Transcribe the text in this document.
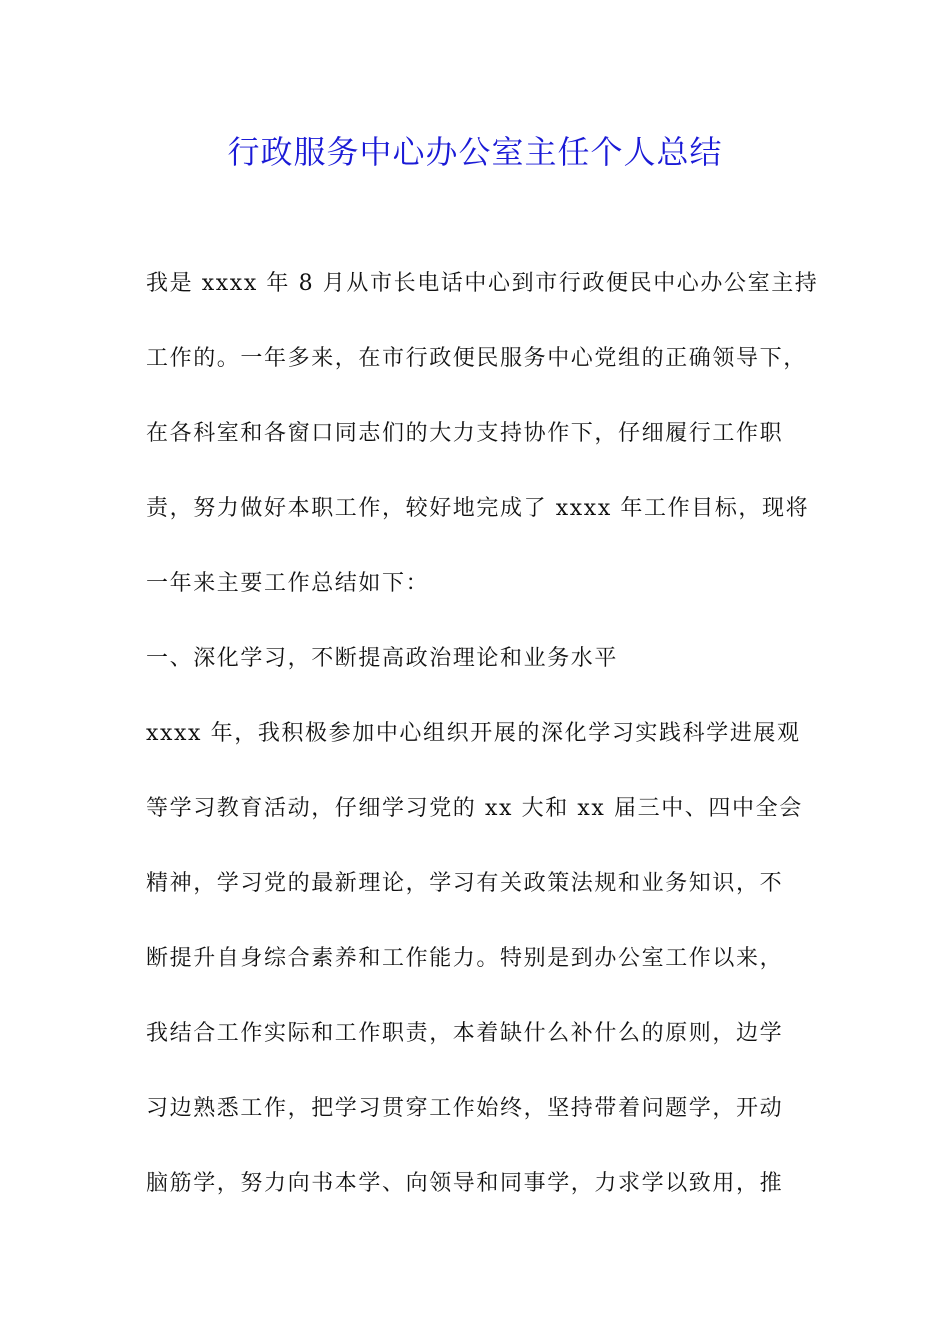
行政服务中心办公室主任个人总结
我是 xxxx 年 8 月从市长电话中心到市行政便民中心办公室主持
工作的。一年多来，在市行政便民服务中心党组的正确领导下，
在各科室和各窗口同志们的大力支持协作下，仔细履行工作职
责，努力做好本职工作，较好地完成了 xxxx 年工作目标，现将
一年来主要工作总结如下：
一、深化学习，不断提高政治理论和业务水平
xxxx 年，我积极参加中心组织开展的深化学习实践科学进展观
等学习教育活动，仔细学习党的 xx 大和 xx 届三中、四中全会
精神，学习党的最新理论，学习有关政策法规和业务知识，不
断提升自身综合素养和工作能力。特别是到办公室工作以来，
我结合工作实际和工作职责，本着缺什么补什么的原则，边学
习边熟悉工作，把学习贯穿工作始终，坚持带着问题学，开动
脑筋学，努力向书本学、向领导和同事学，力求学以致用，推
